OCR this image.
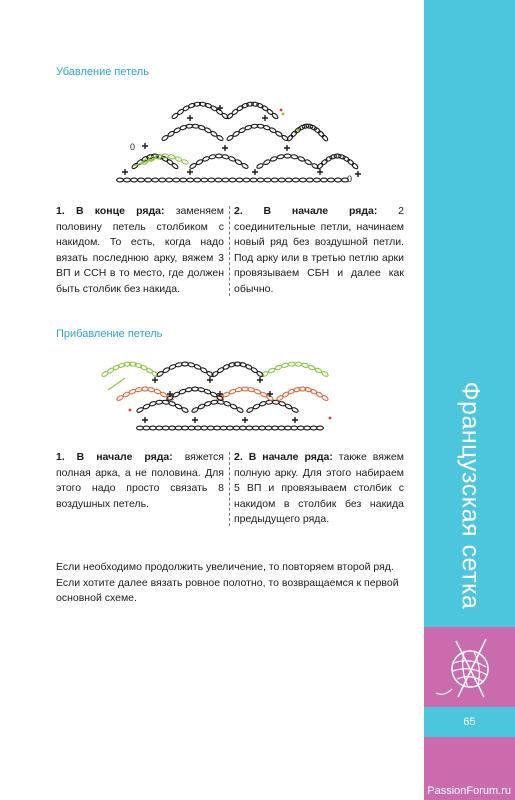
Французская сетка
65
PassionForum.ru
Убавление петель
0
0
1. В конце ряда: заменяем половину петель столбиком с накидом. То есть, когда надо вязать последнюю арку, вяжем 3 ВП и ССН в то место, где должен быть столбик без накида.
2. В начале ряда: 2 соединительные петли, начинаем новый ряд без воздушной петли. Под арку или в третью петлю арки провязываем СБН и далее как обычно.
Прибавление петель
1. В начале ряда: вяжется полная арка, а не половина. Для этого надо просто связать 8 воздушных петель.
2. В начале ряда: также вяжем полную арку. Для этого набираем 5 ВП и провязываем столбик с накидом в столбик без накида предыдущего ряда.
Если необходимо продолжить увеличение, то повторяем второй ряд. Если хотите далее вязать ровное полотно, то возвращаемся к первой основной схеме.
